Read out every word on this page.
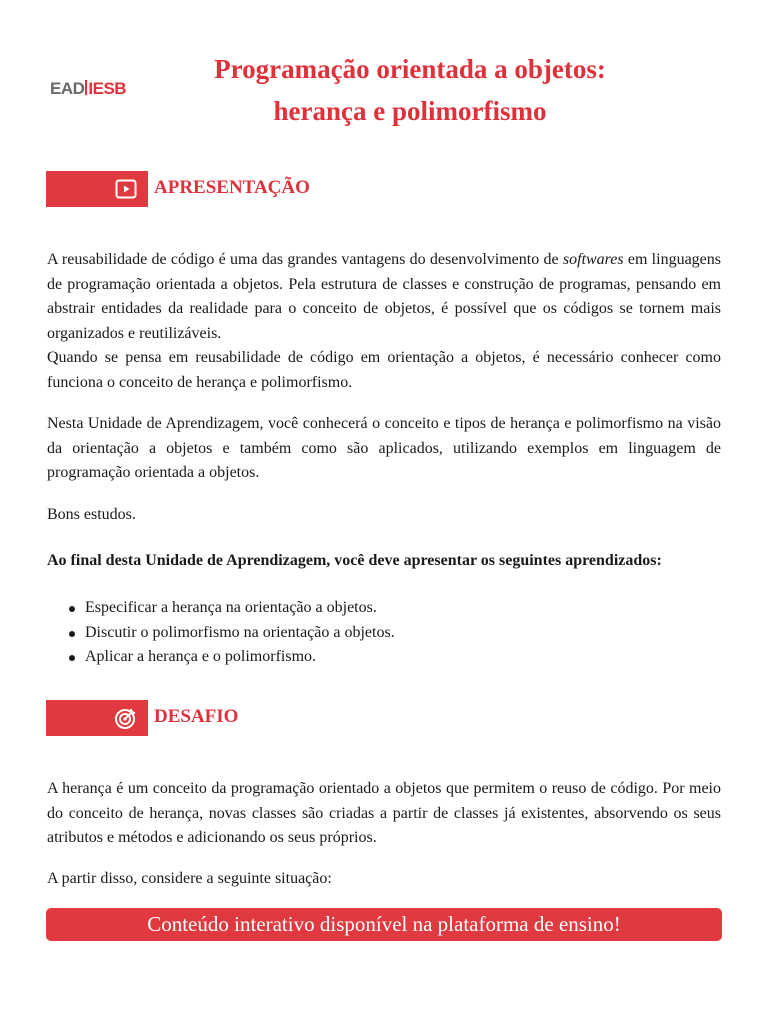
EAD IESB
Programação orientada a objetos:
herança e polimorfismo
APRESENTAÇÃO

A reusabilidade de código é uma das grandes vantagens do desenvolvimento de softwares em linguagens de programação orientada a objetos. Pela estrutura de classes e construção de programas, pensando em abstrair entidades da realidade para o conceito de objetos, é possível que os códigos se tornem mais organizados e reutilizáveis.

Quando se pensa em reusabilidade de código em orientação a objetos, é necessário conhecer como funciona o conceito de herança e polimorfismo.

Nesta Unidade de Aprendizagem, você conhecerá o conceito e tipos de herança e polimorfismo na visão da orientação a objetos e também como são aplicados, utilizando exemplos em linguagem de programação orientada a objetos.

Bons estudos.

Ao final desta Unidade de Aprendizagem, você deve apresentar os seguintes aprendizados:
Especificar a herança na orientação a objetos.
Discutir o polimorfismo na orientação a objetos.
Aplicar a herança e o polimorfismo.
DESAFIO

A herança é um conceito da programação orientado a objetos que permitem o reuso de código. Por meio do conceito de herança, novas classes são criadas a partir de classes já existentes, absorvendo os seus atributos e métodos e adicionando os seus próprios.

A partir disso, considere a seguinte situação:

Conteúdo interativo disponível na plataforma de ensino!
